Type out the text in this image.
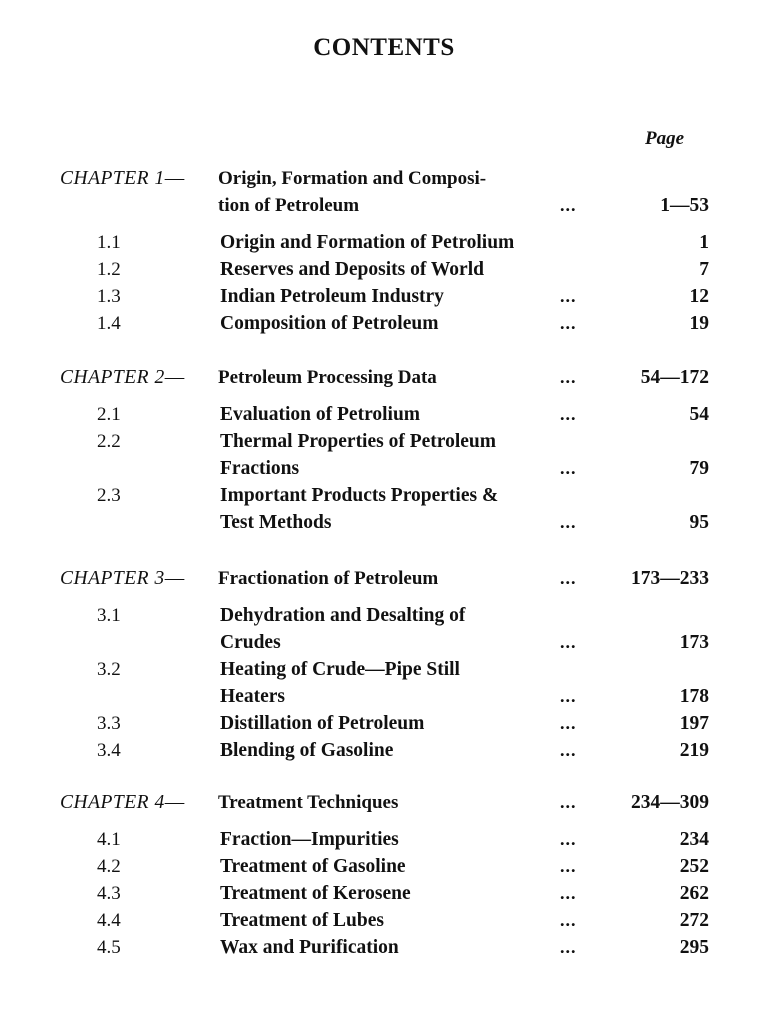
CONTENTS
Page
CHAPTER 1— Origin, Formation and Composi-
tion of Petroleum	...	1—53
1.1	Origin and Formation of Petrolium	1
1.2	Reserves and Deposits of World	7
1.3	Indian Petroleum Industry	...	12
1.4	Composition of Petroleum	...	19
CHAPTER 2— Petroleum Processing Data	...	54—172
2.1	Evaluation of Petrolium	...	54
2.2	Thermal Properties of Petroleum
Fractions	...	79
2.3	Important Products Properties &
Test Methods	...	95
CHAPTER 3— Fractionation of Petroleum	...	173—233
3.1	Dehydration and Desalting of
Crudes	...	173
3.2	Heating of Crude—Pipe Still
Heaters	...	178
3.3	Distillation of Petroleum	...	197
3.4	Blending of Gasoline	...	219
CHAPTER 4— Treatment Techniques	...	234—309
4.1	Fraction—Impurities	...	234
4.2	Treatment of Gasoline	...	252
4.3	Treatment of Kerosene	...	262
4.4	Treatment of Lubes	...	272
4.5	Wax and Purification	...	295
